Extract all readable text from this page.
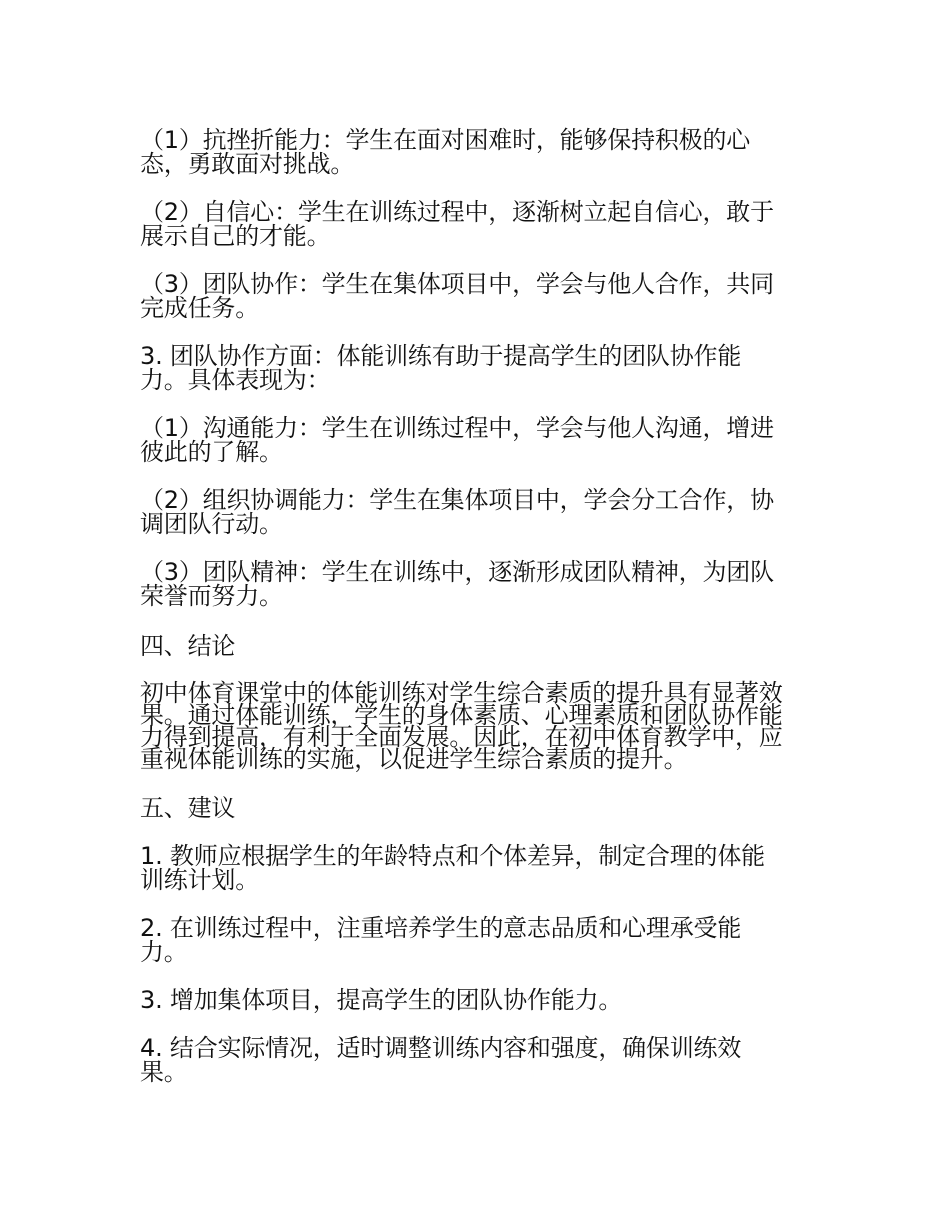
（1）抗挫折能力：学生在面对困难时，能够保持积极的心
态，勇敢面对挑战。
（2）自信心：学生在训练过程中，逐渐树立起自信心，敢于
展示自己的才能。
（3）团队协作：学生在集体项目中，学会与他人合作，共同
完成任务。
3. 团队协作方面：体能训练有助于提高学生的团队协作能
力。具体表现为：
（1）沟通能力：学生在训练过程中，学会与他人沟通，增进
彼此的了解。
（2）组织协调能力：学生在集体项目中，学会分工合作，协
调团队行动。
（3）团队精神：学生在训练中，逐渐形成团队精神，为团队
荣誉而努力。
四、结论
初中体育课堂中的体能训练对学生综合素质的提升具有显著效
果。通过体能训练，学生的身体素质、心理素质和团队协作能
力得到提高，有利于全面发展。因此，在初中体育教学中，应
重视体能训练的实施，以促进学生综合素质的提升。
五、建议
1. 教师应根据学生的年龄特点和个体差异，制定合理的体能
训练计划。
2. 在训练过程中，注重培养学生的意志品质和心理承受能
力。
3. 增加集体项目，提高学生的团队协作能力。
4. 结合实际情况，适时调整训练内容和强度，确保训练效
果。
